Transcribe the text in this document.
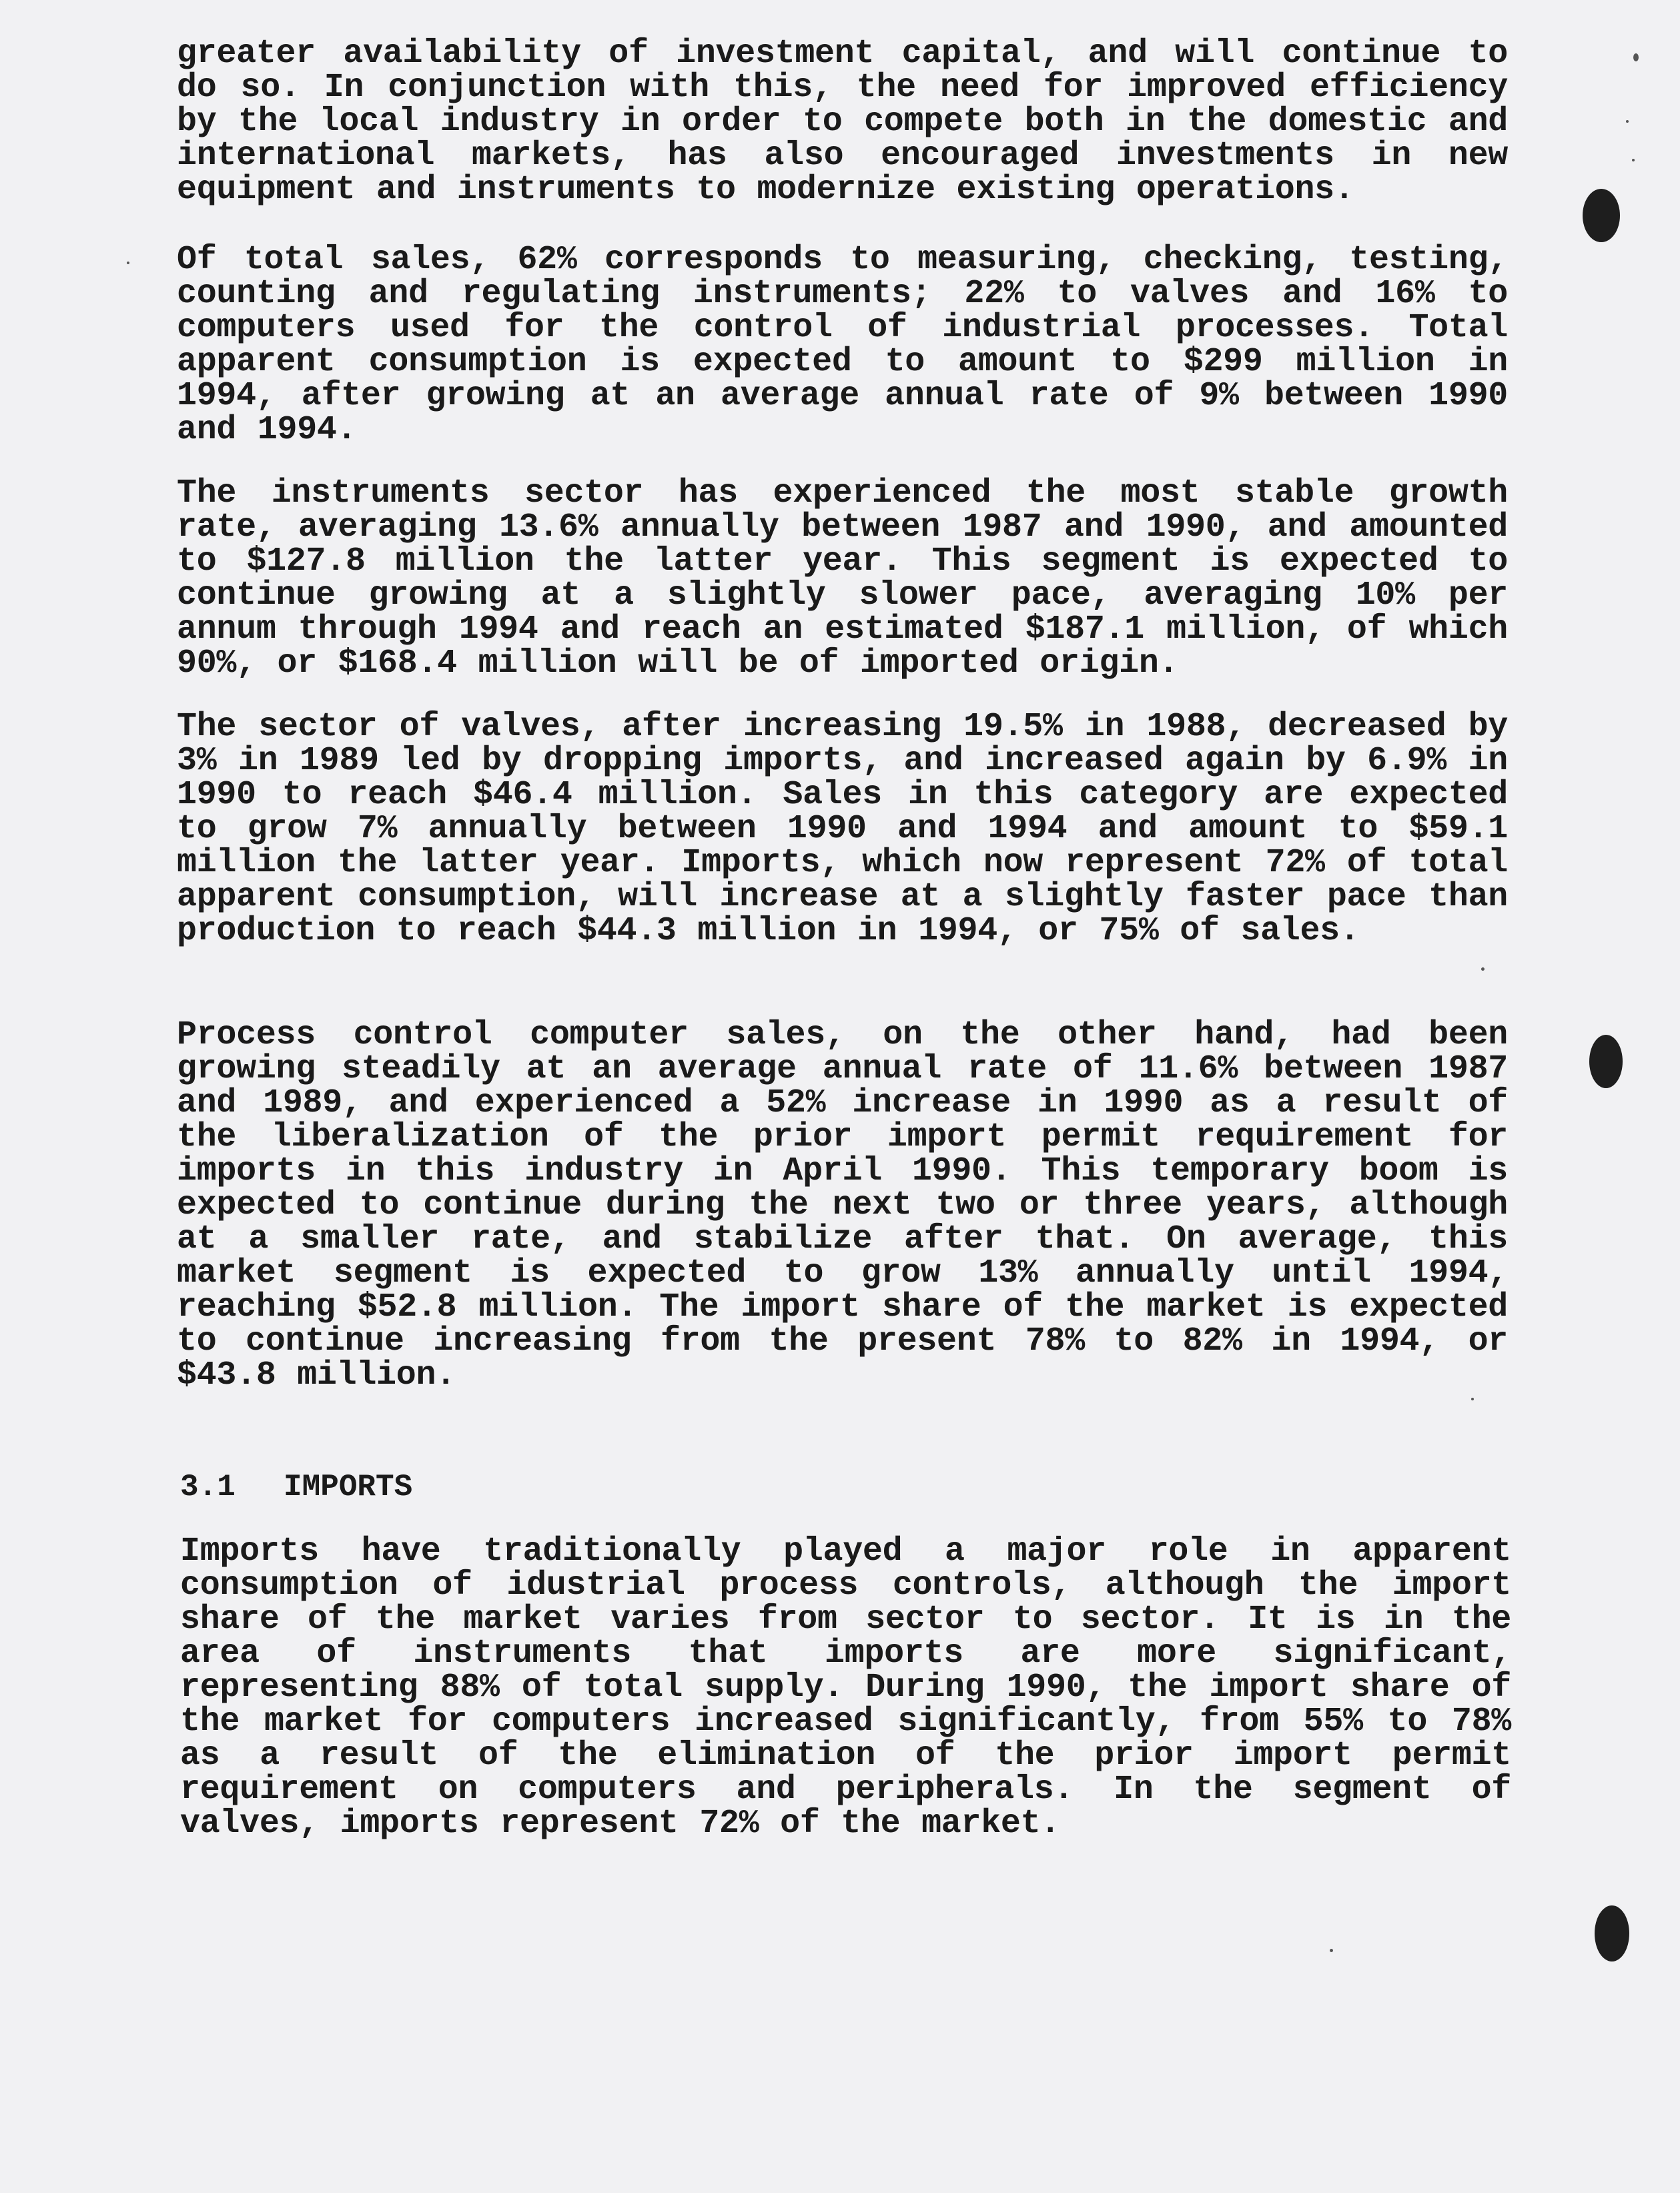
greater availability of investment capital, and will continue to do so. In conjunction with this, the need for improved efficiency by the local industry in order to compete both in the domestic and international markets, has also encouraged investments in new equipment and instruments to modernize existing operations.

Of total sales, 62% corresponds to measuring, checking, testing, counting and regulating instruments; 22% to valves and 16% to computers used for the control of industrial processes. Total apparent consumption is expected to amount to $299 million in 1994, after growing at an average annual rate of 9% between 1990 and 1994.

The instruments sector has experienced the most stable growth rate, averaging 13.6% annually between 1987 and 1990, and amounted to $127.8 million the latter year. This segment is expected to continue growing at a slightly slower pace, averaging 10% per annum through 1994 and reach an estimated $187.1 million, of which 90%, or $168.4 million will be of imported origin.

The sector of valves, after increasing 19.5% in 1988, decreased by 3% in 1989 led by dropping imports, and increased again by 6.9% in 1990 to reach $46.4 million. Sales in this category are expected to grow 7% annually between 1990 and 1994 and amount to $59.1 million the latter year. Imports, which now represent 72% of total apparent consumption, will increase at a slightly faster pace than production to reach $44.3 million in 1994, or 75% of sales.

Process control computer sales, on the other hand, had been growing steadily at an average annual rate of 11.6% between 1987 and 1989, and experienced a 52% increase in 1990 as a result of the liberalization of the prior import permit requirement for imports in this industry in April 1990. This temporary boom is expected to continue during the next two or three years, although at a smaller rate, and stabilize after that. On average, this market segment is expected to grow 13% annually until 1994, reaching $52.8 million. The import share of the market is expected to continue increasing from the present 78% to 82% in 1994, or $43.8 million.

3.1 IMPORTS

Imports have traditionally played a major role in apparent consumption of idustrial process controls, although the import share of the market varies from sector to sector. It is in the area of instruments that imports are more significant, representing 88% of total supply. During 1990, the import share of the market for computers increased significantly, from 55% to 78% as a result of the elimination of the prior import permit requirement on computers and peripherals. In the segment of valves, imports represent 72% of the market.
